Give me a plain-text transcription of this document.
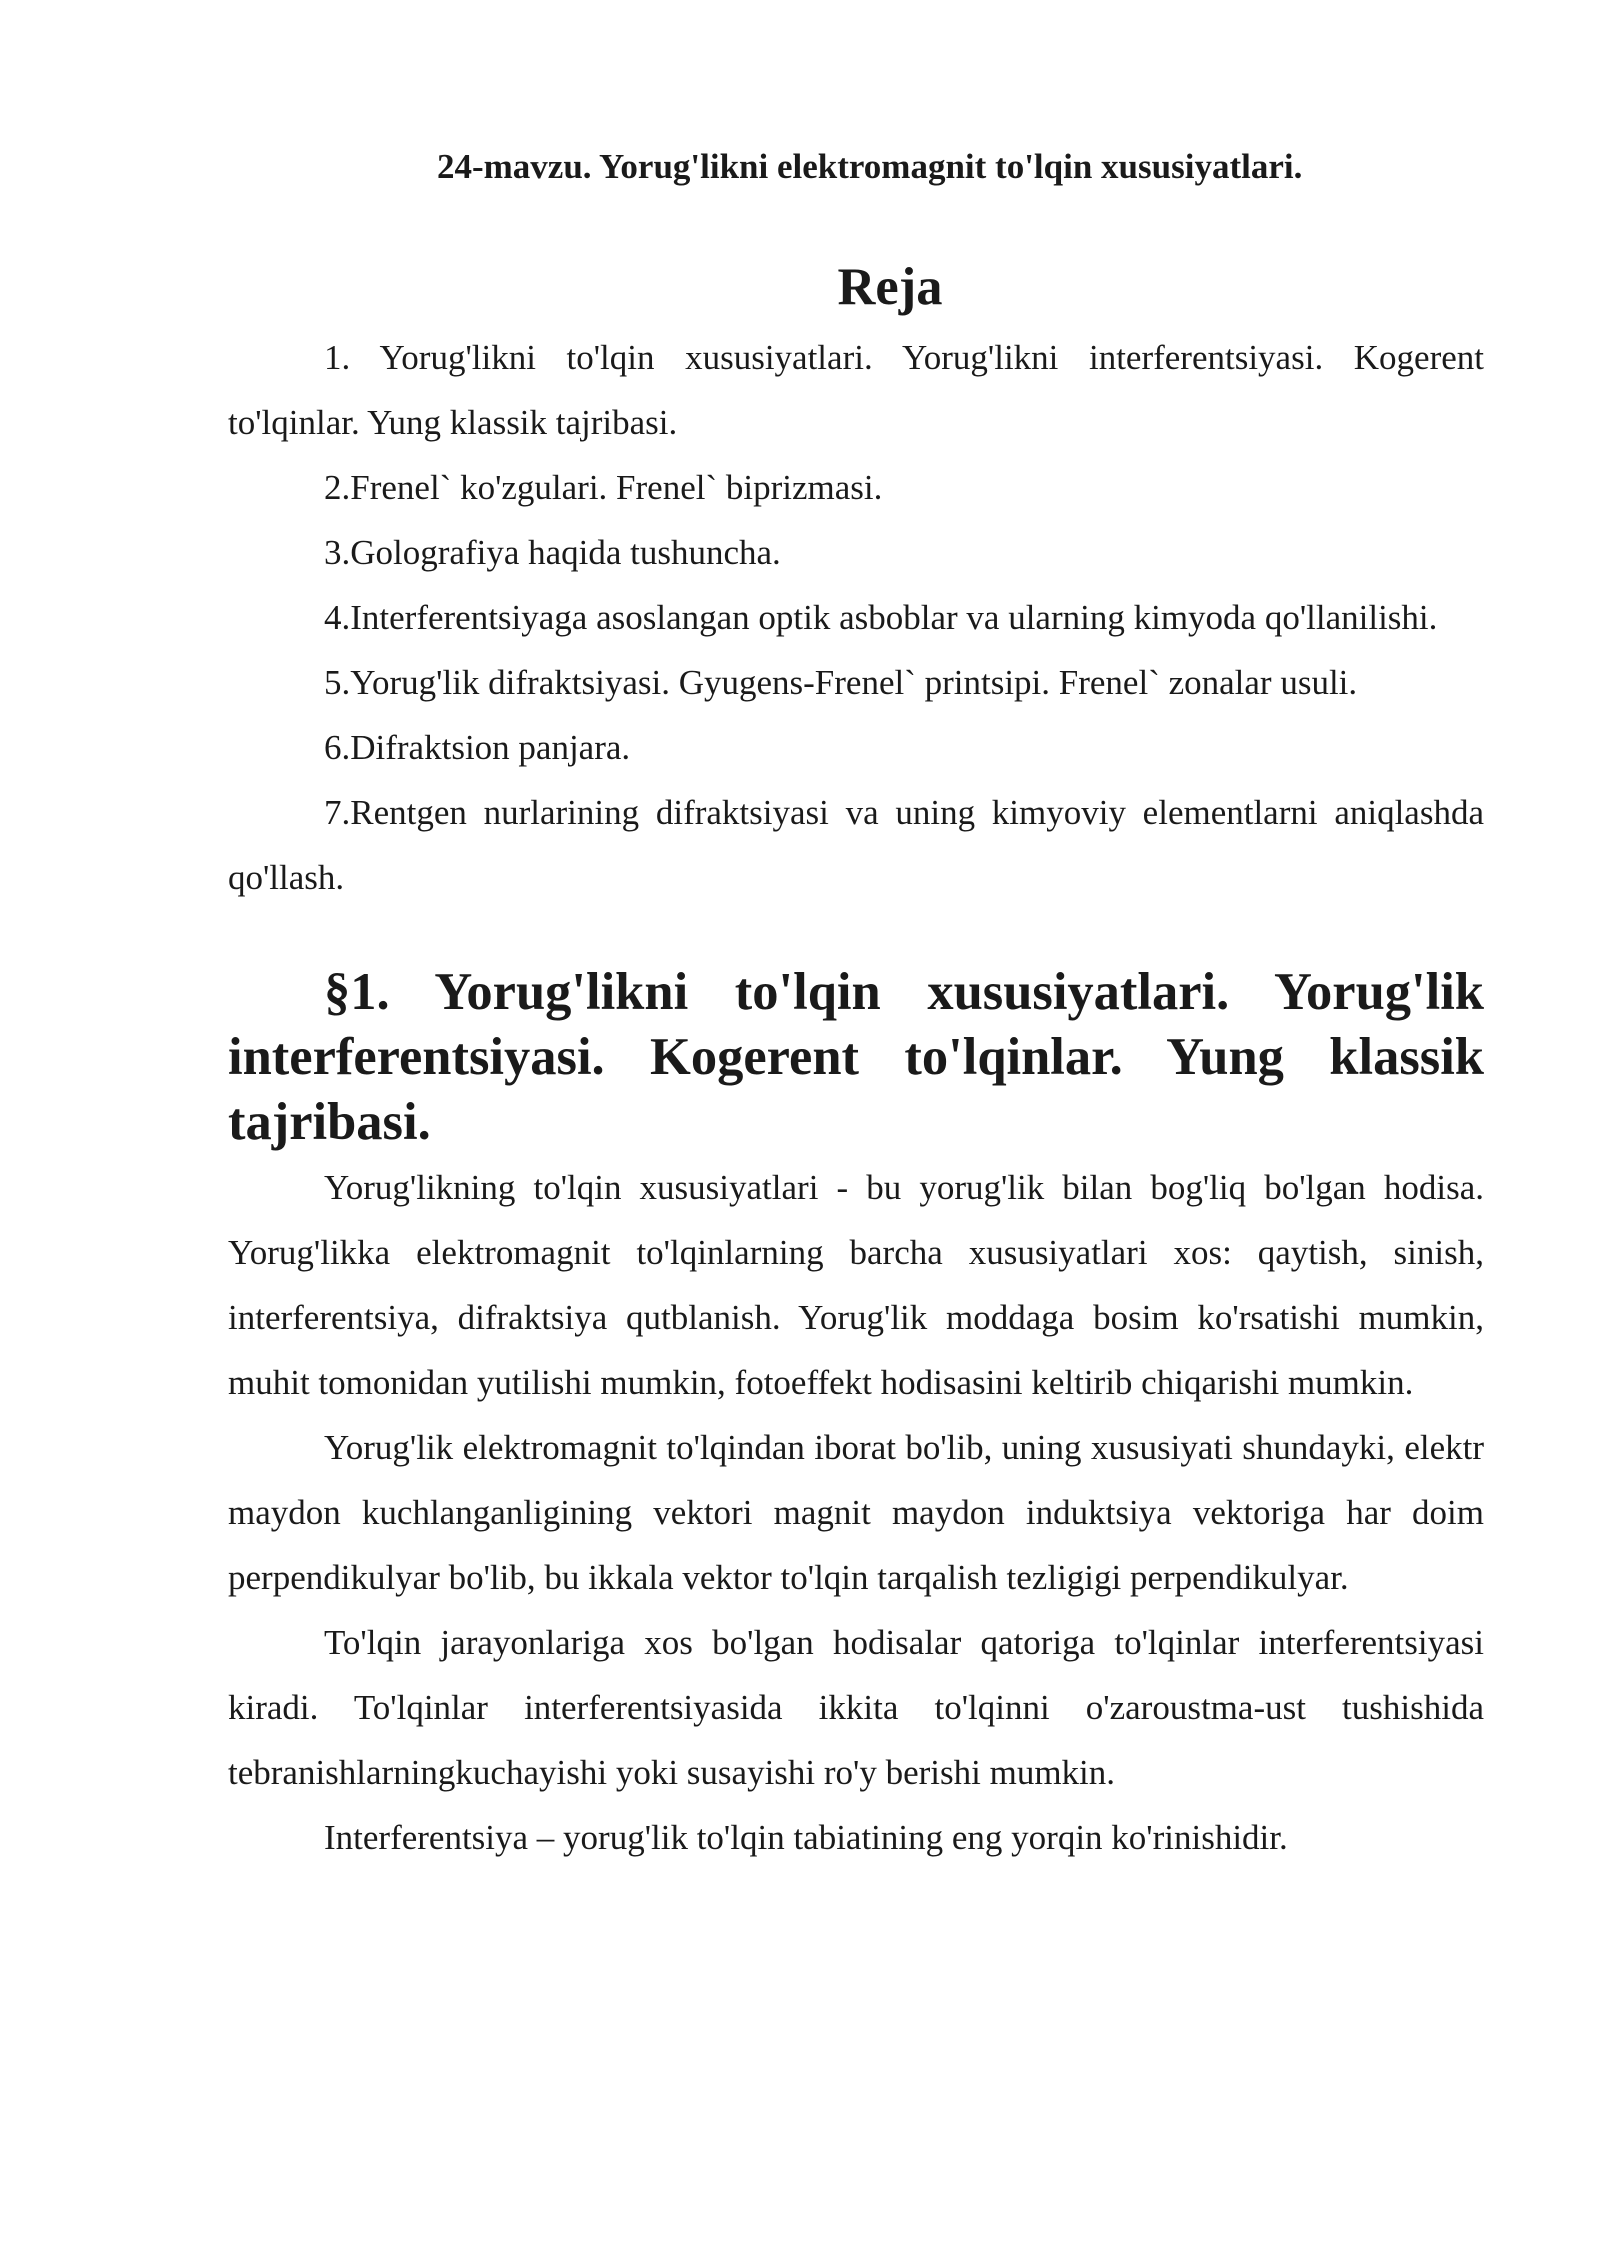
24-mavzu. Yorug'likni elektromagnit to'lqin xususiyatlari.
Reja

1. Yorug'likni to'lqin xususiyatlari. Yorug'likni interferentsiyasi. Kogerent to'lqinlar. Yung klassik tajribasi.

2.Frenel` ko'zgulari. Frenel` biprizmasi.

3.Golografiya haqida tushuncha.

4.Interferentsiyaga asoslangan optik asboblar va ularning kimyoda qo'llanilishi.

5.Yorug'lik difraktsiyasi. Gyugens-Frenel` printsipi. Frenel` zonalar usuli.

6.Difraktsion panjara.

7.Rentgen nurlarining difraktsiyasi va uning kimyoviy elementlarni aniqlashda qo'llash.

§1. Yorug'likni to'lqin xususiyatlari. Yorug'lik interferentsiyasi. Kogerent to'lqinlar. Yung klassik tajribasi.

Yorug'likning to'lqin xususiyatlari - bu yorug'lik bilan bog'liq bo'lgan hodisa. Yorug'likka elektromagnit to'lqinlarning barcha xususiyatlari xos: qaytish, sinish, interferentsiya, difraktsiya qutblanish. Yorug'lik moddaga bosim ko'rsatishi mumkin, muhit tomonidan yutilishi mumkin, fotoeffekt hodisasini keltirib chiqarishi mumkin.

Yorug'lik elektromagnit to'lqindan iborat bo'lib, uning xususiyati shundayki, elektr maydon kuchlanganligining vektori magnit maydon induktsiya vektoriga har doim perpendikulyar bo'lib, bu ikkala vektor to'lqin tarqalish tezligigi perpendikulyar.

To'lqin jarayonlariga xos bo'lgan hodisalar qatoriga to'lqinlar interferentsiyasi kiradi. To'lqinlar interferentsiyasida ikkita to'lqinni o'zaroustma-ust tushishida tebranishlarningkuchayishi yoki susayishi ro'y berishi mumkin.

Interferentsiya – yorug'lik to'lqin tabiatining eng yorqin ko'rinishidir.
